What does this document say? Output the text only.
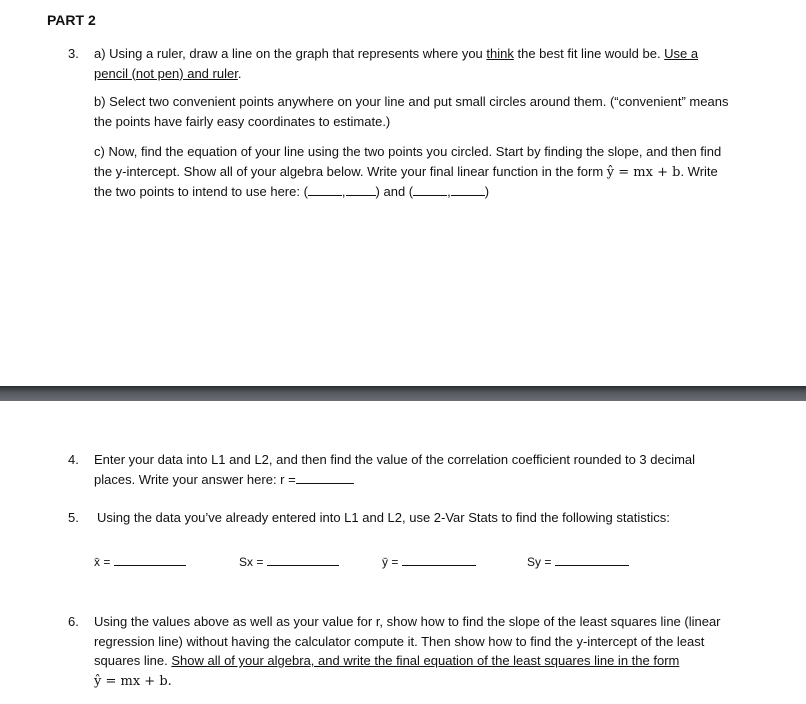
PART 2
3. a) Using a ruler, draw a line on the graph that represents where you think the best fit line would be. Use a
pencil (not pen) and ruler.
b) Select two convenient points anywhere on your line and put small circles around them. (“convenient” means
the points have fairly easy coordinates to estimate.)
c) Now, find the equation of your line using the two points you circled. Start by finding the slope, and then find
the y-intercept. Show all of your algebra below. Write your final linear function in the form ŷ = mx + b. Write
the two points to intend to use here: (	, ) and (	,	)
4. Enter your data into L1 and L2, and then find the value of the correlation coefficient rounded to 3 decimal
places. Write your answer here: r =
5. Using the data you’ve already entered into L1 and L2, use 2-Var Stats to find the following statistics:
x̄ =	Sx =	ȳ =	Sy =
6. Using the values above as well as your value for r, show how to find the slope of the least squares line (linear
regression line) without having the calculator compute it. Then show how to find the y-intercept of the least
squares line. Show all of your algebra, and write the final equation of the least squares line in the form
ŷ = mx + b.
